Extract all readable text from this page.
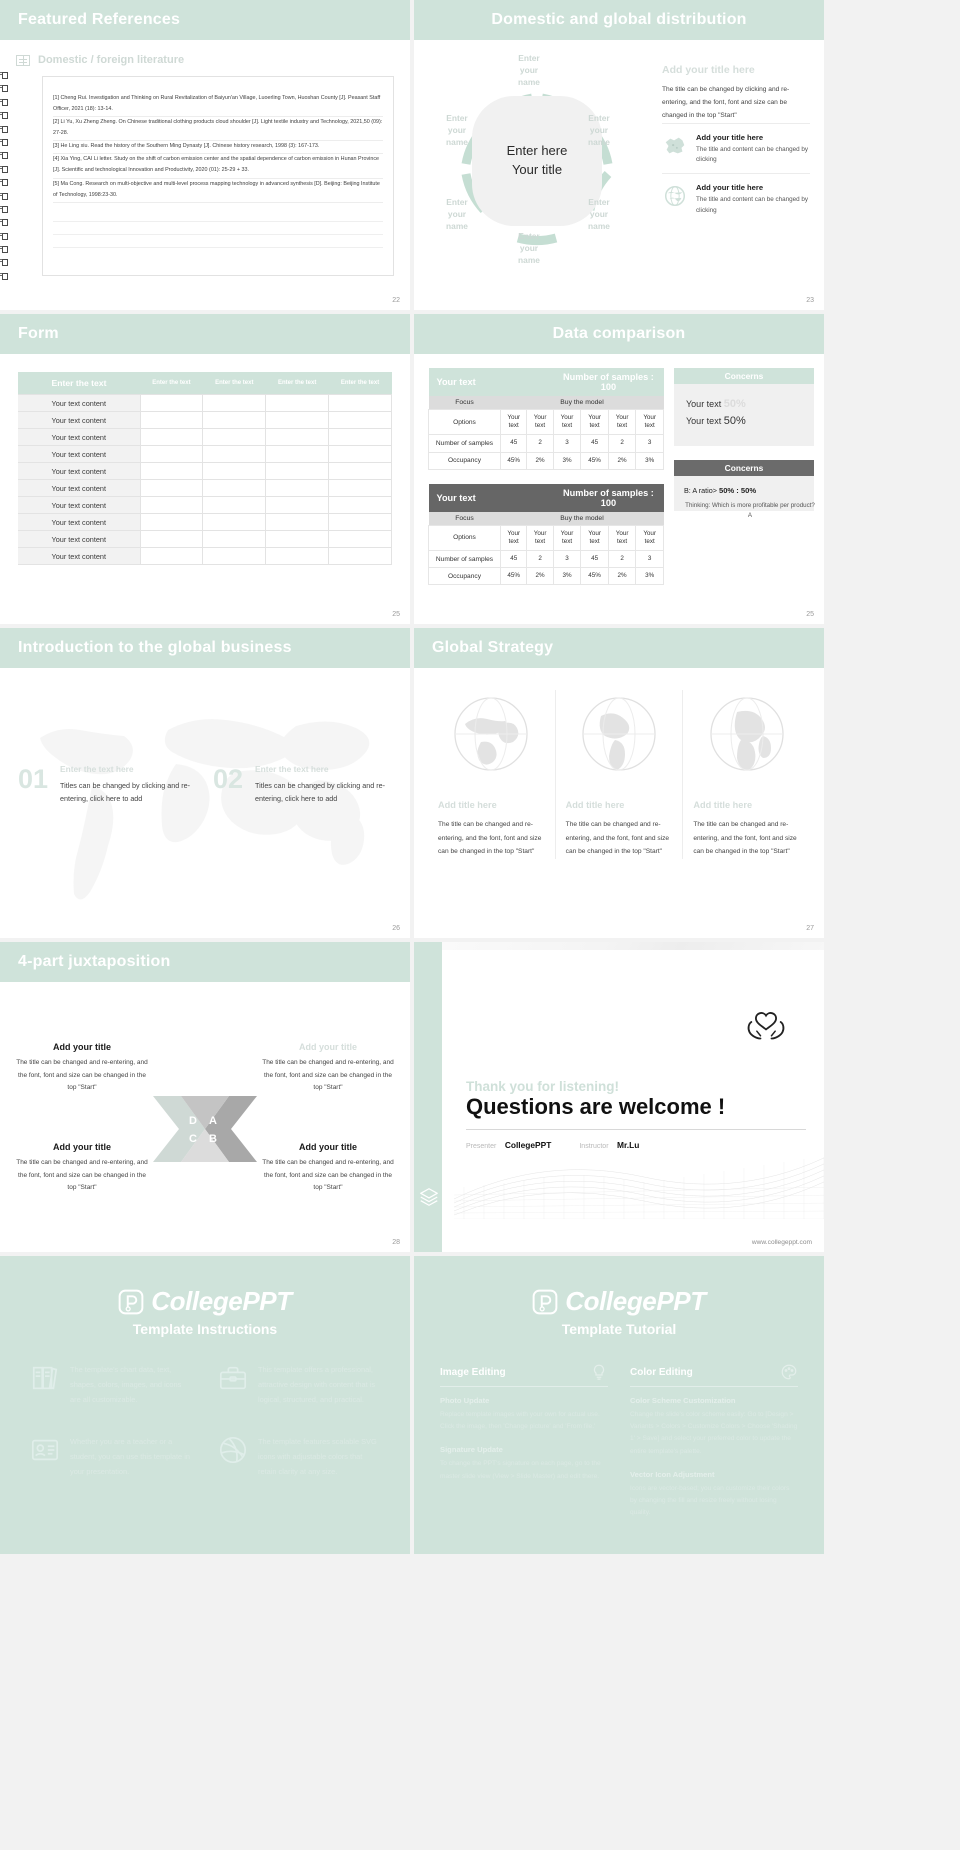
Featured References
Domestic / foreign literature

[1] Cheng Rui. Investigation and Thinking on Rural Revitalization of Baiyun'an Village, Luoerling Town, Huoshan County [J]. Peasant Staff Officer, 2021 (18): 13-14.

[2] Li Yu, Xu Zheng Zheng. On Chinese traditional clothing products cloud shoulder [J]. Light textile industry and Technology, 2021,50 (09): 27-28.

[3] He Ling xiu. Read the history of the Southern Ming Dynasty [J]. Chinese history research, 1998 (3): 167-173.

[4] Xia Ying, CAI Li letter. Study on the shift of carbon emission center and the spatial dependence of carbon emission in Hunan Province [J]. Scientific and technological Innovation and Productivity, 2020 (01): 25-29 + 33.

[5] Ma Cong. Research on multi-objective and multi-level process mapping technology in advanced synthesis [D]. Beijing: Beijing Institute of Technology, 1998:23-30.

22
Domestic and global distribution
Enter here
Your title
Enter
your
name
Enter
your
name
Enter
your
name
Enter
your
name
Enter
your
name
Enter
your
name
Add your title here
The title can be changed by clicking and re-entering, and the font, font and size can be changed in the top "Start"
Add your title here

The title and content can be changed by clicking

Add your title here

The title and content can be changed by clicking

23
Form
Enter the text	Enter the text	Enter the text	Enter the text	Enter the text
Your text content				
Your text content				
Your text content				
Your text content				
Your text content				
Your text content				
Your text content				
Your text content				
Your text content				
Your text content				
25
Data comparison
Your text			Number of samples : 100			
Focus	Buy the model					
Options	Your text	Your text	Your text	Your text	Your text	Your text
Number of samples	45	2	3	45	2	3
Occupancy	45%	2%	3%	45%	2%	3%
Your text			Number of samples : 100			
Focus	Buy the model					
Options	Your text	Your text	Your text	Your text	Your text	Your text
Number of samples	45	2	3	45	2	3
Occupancy	45%	2%	3%	45%	2%	3%
Concerns
Your text 50%
Your text 50%
Concerns
B: A ratio> 50% : 50%
Thinking: Which is more profitable per product?A
25
Introduction to the global business
01 Enter the text here

Titles can be changed by clicking and re-entering, click here to add

02 Enter the text here

Titles can be changed by clicking and re-entering, click here to add

26
Global Strategy
Add title here

The title can be changed and re-entering, and the font, font and size can be changed in the top "Start"

Add title here

The title can be changed and re-entering, and the font, font and size can be changed in the top "Start"

Add title here

The title can be changed and re-entering, and the font, font and size can be changed in the top "Start"

27
4-part juxtaposition
D A
C B
Add your title

The title can be changed and re-entering, and the font, font and size can be changed in the top "Start"

Add your title

The title can be changed and re-entering, and the font, font and size can be changed in the top "Start"

Add your title

The title can be changed and re-entering, and the font, font and size can be changed in the top "Start"

Add your title

The title can be changed and re-entering, and the font, font and size can be changed in the top "Start"

28
Thank you for listening!
Questions are welcome !
Presenter CollegePPT	Instructor Mr.Lu
www.collegeppt.com
CollegePPT
Template Instructions

The template's chart data, text, shapes, colors, images, and icons are all customizable.

This template offers a professional, attractive design with content that is logical, structured, and practical.

Whether you are a teacher or a student, you can use this template in your presentation.

The template features scalable SVG icons with adjustable colors that retain clarity at any size.

CollegePPT
Template Tutorial
Image Editing
Photo Update

Replace template images with your own for actual use. Click the image, then 'Change picture' and 'From file.'

Signature Update

To change the PPT's signature on each page, go to the master slide view (View > Slide Master) and edit there.

Color Editing
Color Scheme Customization

Change the slide's color scheme easily: Go to [Design > Variants > Colors > Customize Colors > Choose 'Shading 1' > Save] and select your preferred color to update the entire template's palette.

Vector Icon Adjustment

Icons are vector-based; you can customize their colors by changing the fill and resize freely without losing quality.
